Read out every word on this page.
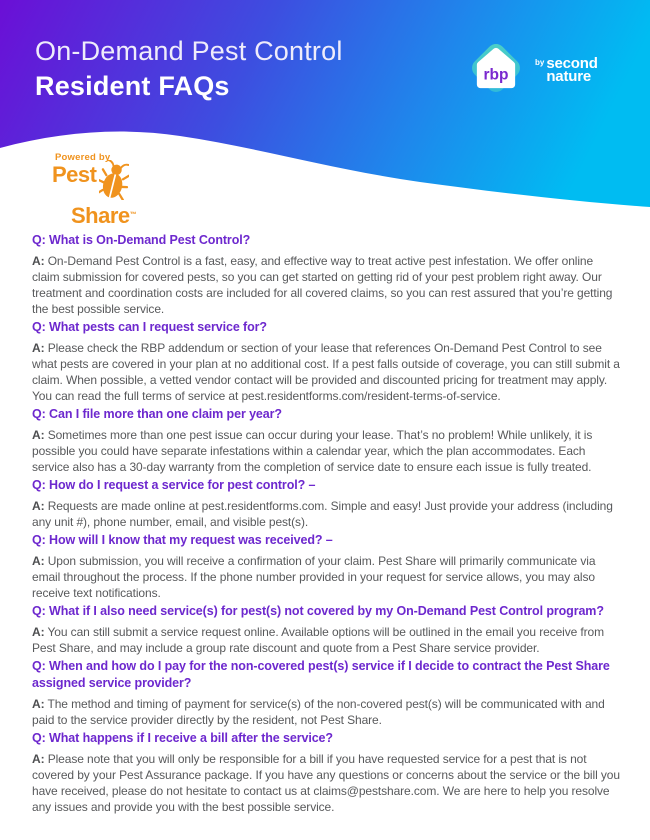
On-Demand Pest Control
Resident FAQs	rbp
by second
nature
Powered by
Pest
Share™

Q: What is On-Demand Pest Control?

A: On-Demand Pest Control is a fast, easy, and effective way to treat active pest infestation. We offer online claim submission for covered pests, so you can get started on getting rid of your pest problem right away. Our treatment and coordination costs are included for all covered claims, so you can rest assured that you’re getting the best possible service.

Q: What pests can I request service for?

A: Please check the RBP addendum or section of your lease that references On-Demand Pest Control to see what pests are covered in your plan at no additional cost. If a pest falls outside of coverage, you can still submit a claim. When possible, a vetted vendor contact will be provided and discounted pricing for treatment may apply. You can read the full terms of service at pest.residentforms.com/resident-terms-of-service.

Q: Can I file more than one claim per year?

A: Sometimes more than one pest issue can occur during your lease. That’s no problem! While unlikely, it is possible you could have separate infestations within a calendar year, which the plan accommodates. Each service also has a 30-day warranty from the completion of service date to ensure each issue is fully treated.

Q: How do I request a service for pest control? –

A: Requests are made online at pest.residentforms.com. Simple and easy! Just provide your address (including any unit #), phone number, email, and visible pest(s).

Q: How will I know that my request was received? –

A: Upon submission, you will receive a confirmation of your claim. Pest Share will primarily communicate via email throughout the process. If the phone number provided in your request for service allows, you may also receive text notifications.

Q: What if I also need service(s) for pest(s) not covered by my On-Demand Pest Control program?

A: You can still submit a service request online. Available options will be outlined in the email you receive from Pest Share, and may include a group rate discount and quote from a Pest Share service provider.

Q: When and how do I pay for the non-covered pest(s) service if I decide to contract the Pest Share assigned service provider?

A: The method and timing of payment for service(s) of the non-covered pest(s) will be communicated with and paid to the service provider directly by the resident, not Pest Share.

Q: What happens if I receive a bill after the service?

A: Please note that you will only be responsible for a bill if you have requested service for a pest that is not covered by your Pest Assurance package. If you have any questions or concerns about the service or the bill you have received, please do not hesitate to contact us at claims@pestshare.com. We are here to help you resolve any issues and provide you with the best possible service.
